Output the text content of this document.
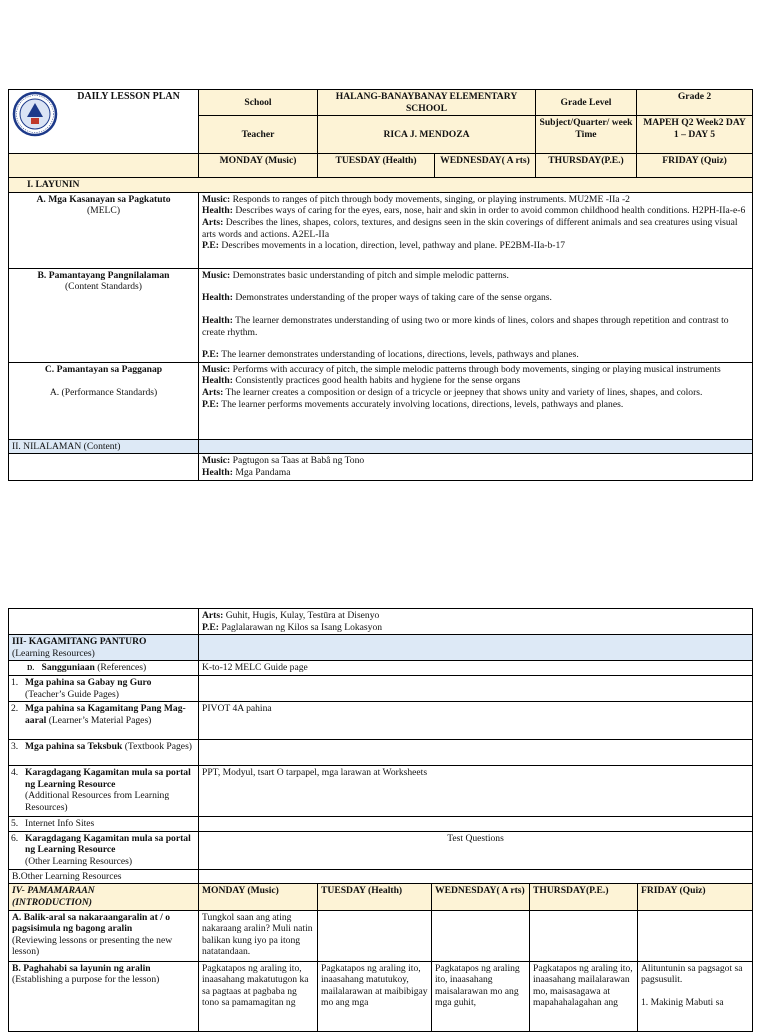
DAILY LESSON PLAN	School	HALANG-BANAYBANAY ELEMENTARY SCHOOL		Grade Level	Grade 2
	Teacher	RICA J. MENDOZA		Subject/Quarter/ week Time	MAPEH Q2 Week2 DAY 1 – DAY 5
	MONDAY (Music)	TUESDAY (Health)	WEDNESDAY( A rts)	THURSDAY(P.E.)	FRIDAY (Quiz)
I. LAYUNIN					
A. Mga Kasanayan sa Pagkatuto
(MELC)	Music: Responds to ranges of pitch through body movements, singing, or playing instruments. MU2ME -IIa -2
Health: Describes ways of caring for the eyes, ears, nose, hair and skin in order to avoid common childhood health conditions. H2PH-IIa-e-6
Arts: Describes the lines, shapes, colors, textures, and designs seen in the skin coverings of different animals and sea creatures using visual arts words and actions. A2EL-IIa
P.E: Describes movements in a location, direction, level, pathway and plane. PE2BM-IIa-b-17				
B. Pamantayang Pangnilalaman
(Content Standards)	Music: Demonstrates basic understanding of pitch and simple melodic patterns.
Health: Demonstrates understanding of the proper ways of taking care of the sense organs.
Health: The learner demonstrates understanding of using two or more kinds of lines, colors and shapes through repetition and contrast to create rhythm.
P.E: The learner demonstrates understanding of locations, directions, levels, pathways and planes.				
C. Pamantayan sa Pagganap

A. (Performance Standards)	Music: Performs with accuracy of pitch, the simple melodic patterns through body movements, singing or playing musical instruments
Health: Consistently practices good health habits and hygiene for the sense organs
Arts: The learner creates a composition or design of a tricycle or jeepney that shows unity and variety of lines, shapes, and colors.
P.E: The learner performs movements accurately involving locations, directions, levels, pathways and planes.				
II. NILALAMAN (Content)					
	Music: Pagtugon sa Taas at Babâ ng Tono
Health: Mga Pandama				
	Arts: Guhit, Hugis, Kulay, Testūra at Disenyo
P.E: Paglalarawan ng Kilos sa Isang Lokasyon				
III- KAGAMITANG PANTURO
(Learning Resources)					
D. Sangguniaan (References)	K-to-12 MELC Guide page				
1. Mga pahina sa Gabay ng Guro
(Teacher’s Guide Pages)					
2. Mga pahina sa Kagamitang Pang Mag-aaral (Learner’s Material Pages)	PIVOT 4A pahina				
3. Mga pahina sa Teksbuk (Textbook Pages)					
4. Karagdagang Kagamitan mula sa portal ng Learning Resource
(Additional Resources from Learning Resources)	PPT, Modyul, tsart O tarpapel, mga larawan at Worksheets				
5. Internet Info Sites					
6. Karagdagang Kagamitan mula sa portal ng Learning Resource
(Other Learning Resources)	Test Questions				
B.Other Learning Resources					
IV- PAMAMARAAN
(INTRODUCTION)	MONDAY (Music)	TUESDAY (Health)	WEDNESDAY( A rts)	THURSDAY(P.E.)	FRIDAY (Quiz)
A. Balik-aral sa nakaraangaralin at / o pagsisimula ng bagong aralin
(Reviewing lessons or presenting the new lesson)	Tungkol saan ang ating nakaraang aralin? Muli natin balikan kung iyo pa itong natatandaan.				
B. Paghahabi sa layunin ng aralin
(Establishing a purpose for the lesson)	Pagkatapos ng araling ito, inaasahang makatutugon ka sa pagtaas at pagbaba ng tono sa pamamagitan ng	Pagkatapos ng araling ito, inaasahang matutukoy, mailalarawan at maibibigay mo ang mga	Pagkatapos ng araling ito, inaasahang maisalarawan mo ang mga guhit,	Pagkatapos ng araling ito, inaasahang mailalarawan mo, maisasagawa at mapahahalagahan ang	Alituntunin sa pagsagot sa pagsusulit.
1. Makinig Mabuti sa
